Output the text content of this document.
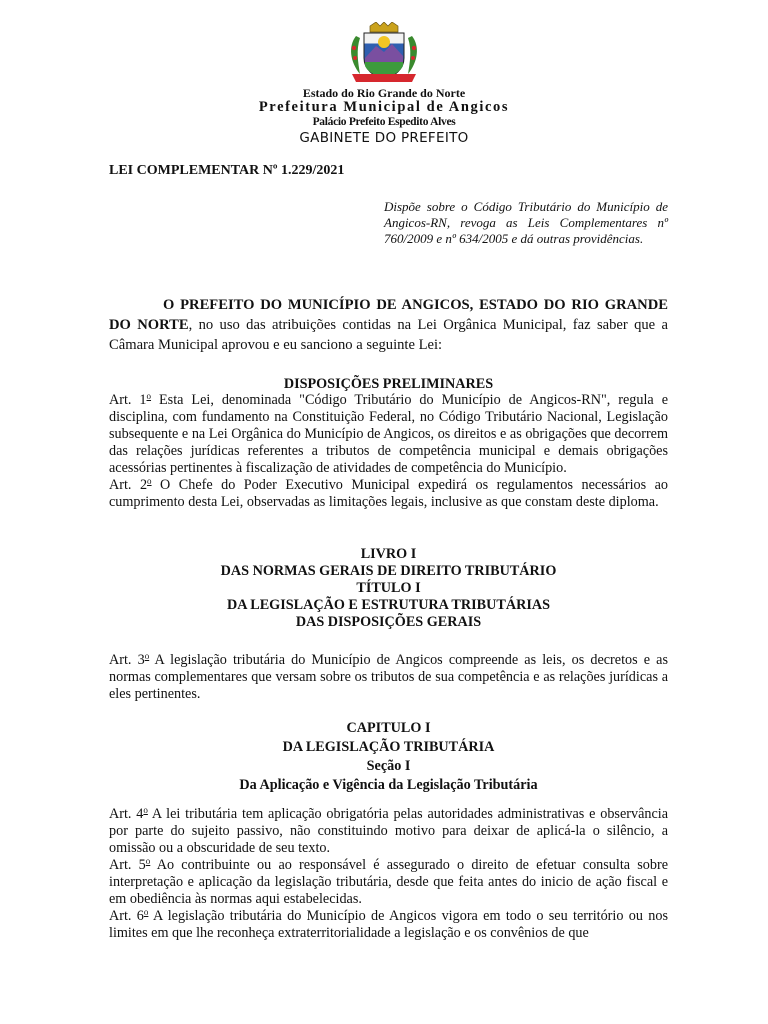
Estado do Rio Grande do Norte
Prefeitura Municipal de Angicos
Palácio Prefeito Espedito Alves
GABINETE DO PREFEITO
LEI COMPLEMENTAR Nº 1.229/2021
Dispõe sobre o Código Tributário do Município de Angicos-RN, revoga as Leis Complementares nº 760/2009 e nº 634/2005 e dá outras providências.

O PREFEITO DO MUNICÍPIO DE ANGICOS, ESTADO DO RIO GRANDE DO NORTE, no uso das atribuições contidas na Lei Orgânica Municipal, faz saber que a Câmara Municipal aprovou e eu sanciono a seguinte Lei:

DISPOSIÇÕES PRELIMINARES

Art. 1$^o$ Esta Lei, denominada "Código Tributário do Município de Angicos-RN", regula e disciplina, com fundamento na Constituição Federal, no Código Tributário Nacional, Legislação subsequente e na Lei Orgânica do Município de Angicos, os direitos e as obrigações que decorrem das relações jurídicas referentes a tributos de competência municipal e demais obrigações acessórias pertinentes à fiscalização de atividades de competência do Município.

Art. 2$^o$ O Chefe do Poder Executivo Municipal expedirá os regulamentos necessários ao cumprimento desta Lei, observadas as limitações legais, inclusive as que constam deste diploma.

LIVRO I
DAS NORMAS GERAIS DE DIREITO TRIBUTÁRIO
TÍTULO I
DA LEGISLAÇÃO E ESTRUTURA TRIBUTÁRIAS
DAS DISPOSIÇÕES GERAIS

Art. 3$^o$ A legislação tributária do Município de Angicos compreende as leis, os decretos e as normas complementares que versam sobre os tributos de sua competência e as relações jurídicas a eles pertinentes.

CAPITULO I
DA LEGISLAÇÃO TRIBUTÁRIA
Seção I
Da Aplicação e Vigência da Legislação Tributária

Art. 4$^o$ A lei tributária tem aplicação obrigatória pelas autoridades administrativas e observância por parte do sujeito passivo, não constituindo motivo para deixar de aplicá-la o silêncio, a omissão ou a obscuridade de seu texto.

Art. 5$^o$ Ao contribuinte ou ao responsável é assegurado o direito de efetuar consulta sobre interpretação e aplicação da legislação tributária, desde que feita antes do inicio de ação fiscal e em obediência às normas aqui estabelecidas.

Art. 6$^o$ A legislação tributária do Município de Angicos vigora em todo o seu território ou nos limites em que lhe reconheça extraterritorialidade a legislação e os convênios de que
